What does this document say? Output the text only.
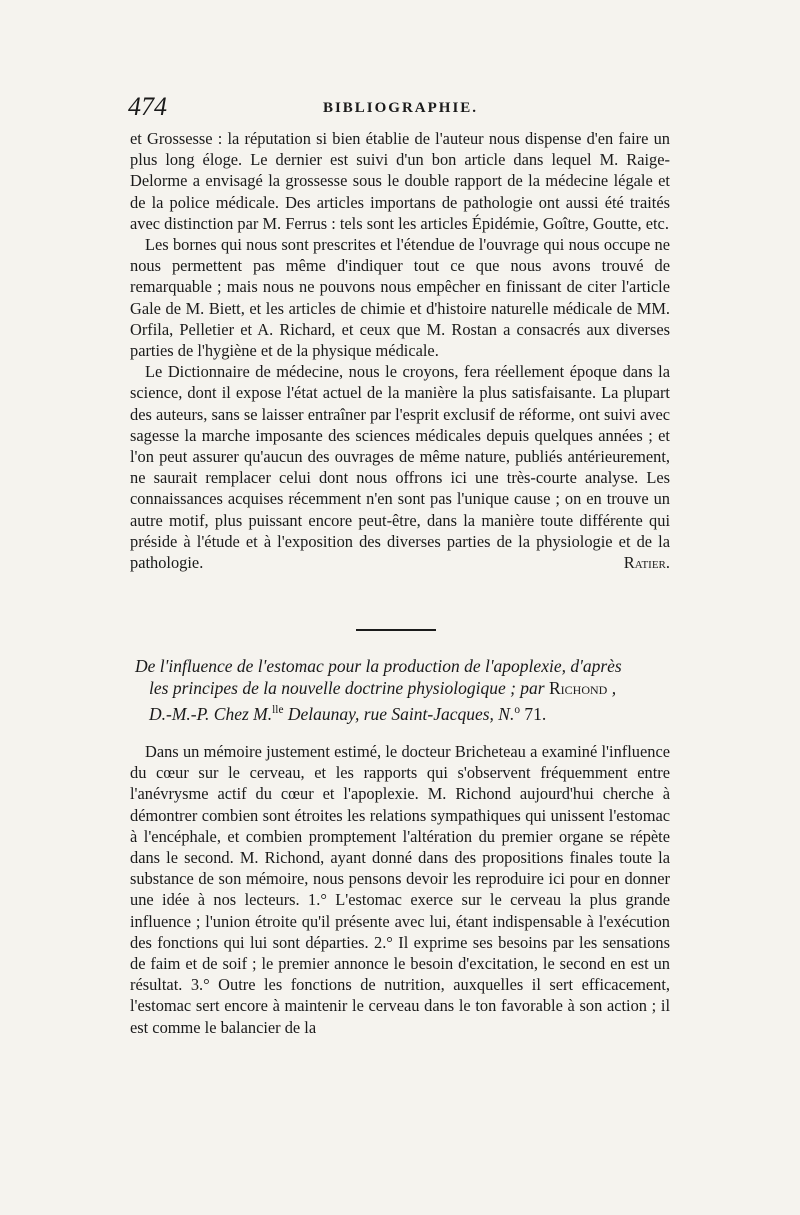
474	BIBLIOGRAPHIE.

et Grossesse : la réputation si bien établie de l'auteur nous dispense d'en faire un plus long éloge. Le dernier est suivi d'un bon article dans lequel M. Raige-Delorme a envisagé la grossesse sous le double rapport de la médecine légale et de la police médicale. Des articles importans de pathologie ont aussi été traités avec distinction par M. Ferrus : tels sont les articles Épidémie, Goître, Goutte, etc.

Les bornes qui nous sont prescrites et l'étendue de l'ouvrage qui nous occupe ne nous permettent pas même d'indiquer tout ce que nous avons trouvé de remarquable ; mais nous ne pouvons nous empêcher en finissant de citer l'article Gale de M. Biett, et les articles de chimie et d'histoire naturelle médicale de MM. Orfila, Pelletier et A. Richard, et ceux que M. Rostan a consacrés aux diverses parties de l'hygiène et de la physique médicale.

Le Dictionnaire de médecine, nous le croyons, fera réellement époque dans la science, dont il expose l'état actuel de la manière la plus satisfaisante. La plupart des auteurs, sans se laisser entraîner par l'esprit exclusif de réforme, ont suivi avec sagesse la marche imposante des sciences médicales depuis quelques années ; et l'on peut assurer qu'aucun des ouvrages de même nature, publiés antérieurement, ne saurait remplacer celui dont nous offrons ici une très-courte analyse. Les connaissances acquises récemment n'en sont pas l'unique cause ; on en trouve un autre motif, plus puissant encore peut-être, dans la manière toute différente qui préside à l'étude et à l'exposition des diverses parties de la physiologie et de la pathologie.	Ratier.

De l'influence de l'estomac pour la production de l'apoplexie, d'après
les principes de la nouvelle doctrine physiologique ; par Richond ,
D.-M.-P. Chez M.$^{lle}$ Delaunay, rue Saint-Jacques, N.$^o$ 71.

Dans un mémoire justement estimé, le docteur Bricheteau a examiné l'influence du cœur sur le cerveau, et les rapports qui s'observent fréquemment entre l'anévrysme actif du cœur et l'apoplexie. M. Richond aujourd'hui cherche à démontrer combien sont étroites les relations sympathiques qui unissent l'estomac à l'encéphale, et combien promptement l'altération du premier organe se répète dans le second. M. Richond, ayant donné dans des propositions finales toute la substance de son mémoire, nous pensons devoir les reproduire ici pour en donner une idée à nos lecteurs. 1.° L'estomac exerce sur le cerveau la plus grande influence ; l'union étroite qu'il présente avec lui, étant indispensable à l'exécution des fonctions qui lui sont départies. 2.° Il exprime ses besoins par les sensations de faim et de soif ; le premier annonce le besoin d'excitation, le second en est un résultat. 3.° Outre les fonctions de nutrition, auxquelles il sert efficacement, l'estomac sert encore à maintenir le cerveau dans le ton favorable à son action ; il est comme le balancier de la
